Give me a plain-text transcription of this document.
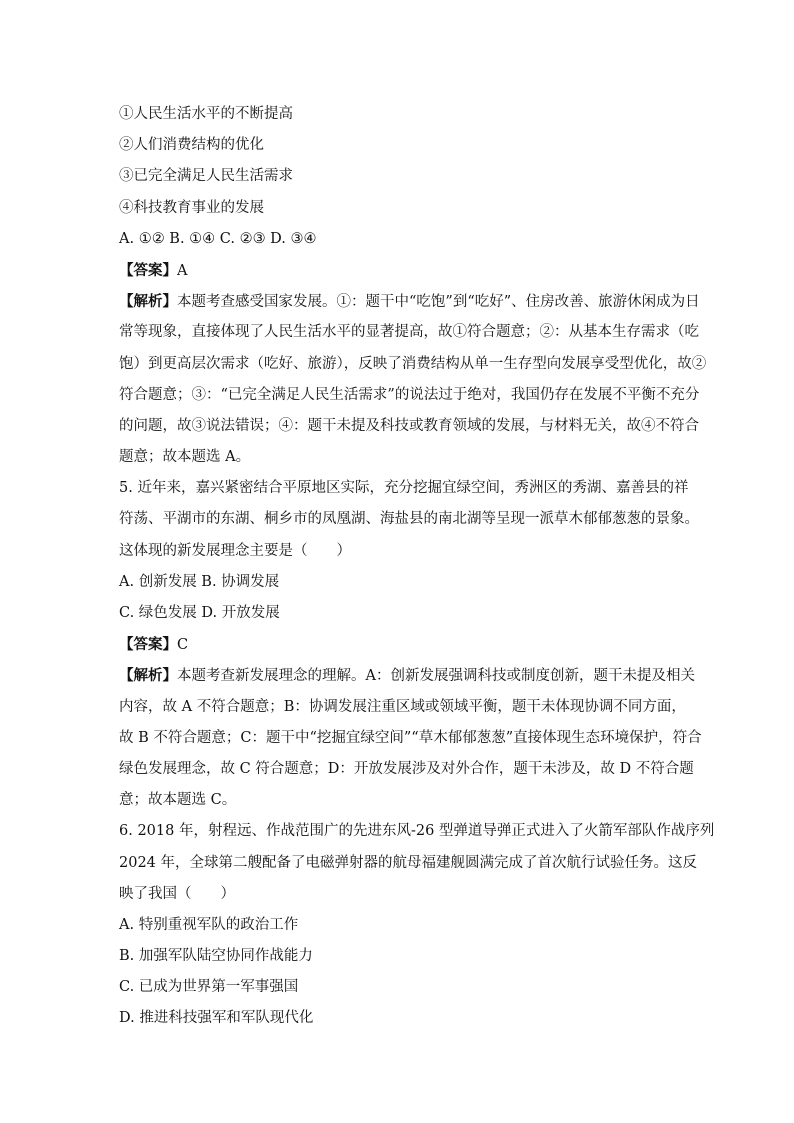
①人民生活水平的不断提高
②人们消费结构的优化
③已完全满足人民生活需求
④科技教育事业的发展
A. ①② B. ①④ C. ②③ D. ③④
【答案】A
【解析】本题考查感受国家发展。①：题干中“吃饱”到“吃好”、住房改善、旅游休闲成为日
常等现象，直接体现了人民生活水平的显著提高，故①符合题意；②：从基本生存需求（吃
饱）到更高层次需求（吃好、旅游），反映了消费结构从单一生存型向发展享受型优化，故②
符合题意；③：“已完全满足人民生活需求”的说法过于绝对，我国仍存在发展不平衡不充分
的问题，故③说法错误；④：题干未提及科技或教育领域的发展，与材料无关，故④不符合
题意；故本题选 A。
5. 近年来，嘉兴紧密结合平原地区实际，充分挖掘宜绿空间，秀洲区的秀湖、嘉善县的祥
符荡、平湖市的东湖、桐乡市的凤凰湖、海盐县的南北湖等呈现一派草木郁郁葱葱的景象。
这体现的新发展理念主要是（　　）
A. 创新发展 B. 协调发展
C. 绿色发展 D. 开放发展
【答案】C
【解析】本题考查新发展理念的理解。A：创新发展强调科技或制度创新，题干未提及相关
内容，故 A 不符合题意；B：协调发展注重区域或领域平衡，题干未体现协调不同方面，
故 B 不符合题意；C：题干中“挖掘宜绿空间”“草木郁郁葱葱”直接体现生态环境保护，符合
绿色发展理念，故 C 符合题意；D：开放发展涉及对外合作，题干未涉及，故 D 不符合题
意；故本题选 C。
6. 2018 年，射程远、作战范围广的先进东风-26 型弹道导弹正式进入了火箭军部队作战序列
2024 年，全球第二艘配备了电磁弹射器的航母福建舰圆满完成了首次航行试验任务。这反
映了我国（　　）
A. 特别重视军队的政治工作
B. 加强军队陆空协同作战能力
C. 已成为世界第一军事强国
D. 推进科技强军和军队现代化
